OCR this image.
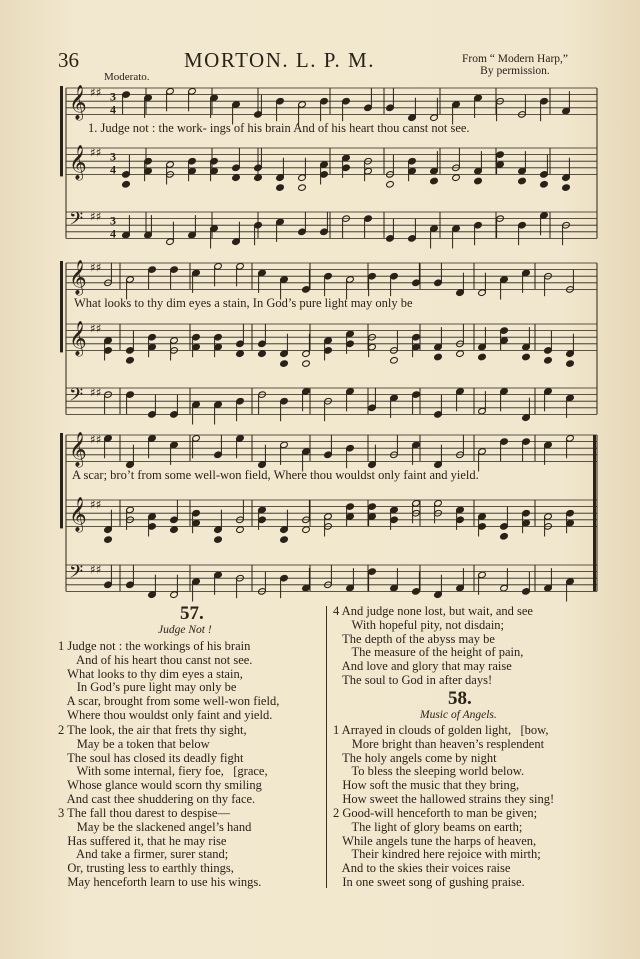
36	MORTON. L. P. M.	From “ Modern Harp,”
By permission.
Moderato.
𝄞 ♯♯ 3
4
𝄞 ♯♯ 3
4
𝄢 ♯♯ 3
4
𝄞 ♯♯
𝄞 ♯♯
𝄢 ♯♯
𝄞 ♯♯
𝄞 ♯♯
𝄢 ♯♯
1. Judge not : the work- ings of his brain And of his heart thou canst not see.
What looks to thy dim eyes a stain, In God’s pure light may only be
A scar; bro’t from some well-won field, Where thou wouldst only faint and yield.
57.
Judge Not !
1 Judge not : the workings of his brain
And of his heart thou canst not see.
What looks to thy dim eyes a stain,
In God’s pure light may only be
A scar, brought from some well-won field,
Where thou wouldst only faint and yield.
2 The look, the air that frets thy sight,
May be a token that below
The soul has closed its deadly fight
With some internal, fiery foe,   [grace,
Whose glance would scorn thy smiling
And cast thee shuddering on thy face.
3 The fall thou darest to despise—
May be the slackened angel’s hand
Has suffered it, that he may rise
And take a firmer, surer stand;
Or, trusting less to earthly things,
May henceforth learn to use his wings.
4 And judge none lost, but wait, and see
With hopeful pity, not disdain;
The depth of the abyss may be
The measure of the height of pain,
And love and glory that may raise
The soul to God in after days!
58.
Music of Angels.
1 Arrayed in clouds of golden light,   [bow,
More bright than heaven’s resplendent
The holy angels come by night
To bless the sleeping world below.
How soft the music that they bring,
How sweet the hallowed strains they sing!
2 Good-will henceforth to man be given;
The light of glory beams on earth;
While angels tune the harps of heaven,
Their kindred here rejoice with mirth;
And to the skies their voices raise
In one sweet song of gushing praise.
